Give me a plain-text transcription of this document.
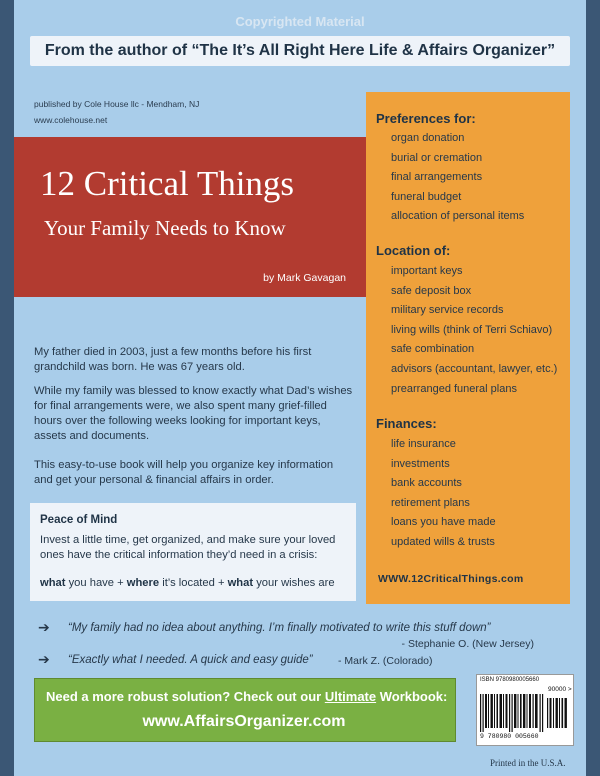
Copyrighted Material
From the author of “The It’s All Right Here Life & Affairs Organizer”
published by Cole House llc - Mendham, NJ
www.colehouse.net
12 Critical Things
Your Family Needs to Know
by Mark Gavagan
Preferences for:
organ donation
burial or cremation
final arrangements
funeral budget
allocation of personal items
Location of:
important keys
safe deposit box
military service records
living wills (think of Terri Schiavo)
safe combination
advisors (accountant, lawyer, etc.)
prearranged funeral plans
Finances:
life insurance
investments
bank accounts
retirement plans
loans you have made
updated wills & trusts
WWW.12CriticalThings.com

My father died in 2003, just a few months before his first grandchild was born. He was 67 years old.

While my family was blessed to know exactly what Dad’s wishes for final arrangements were, we also spent many grief-filled hours over the following weeks looking for important keys, assets and documents.

This easy-to-use book will help you organize key information and get your personal & financial affairs in order.

Peace of Mind

Invest a little time, get organized, and make sure your loved ones have the critical information they’d need in a crisis:

what you have + where it’s located + what your wishes are
➔ “My family had no idea about anything. I’m finally motivated to write this stuff down”
- Stephanie O. (New Jersey)
➔ “Exactly what I needed. A quick and easy guide” - Mark Z. (Colorado)
Need a more robust solution? Check out our Ultimate Workbook:
www.AffairsOrganizer.com
ISBN 9780980005660
90000 >
9 780980 005660
Printed in the U.S.A.
